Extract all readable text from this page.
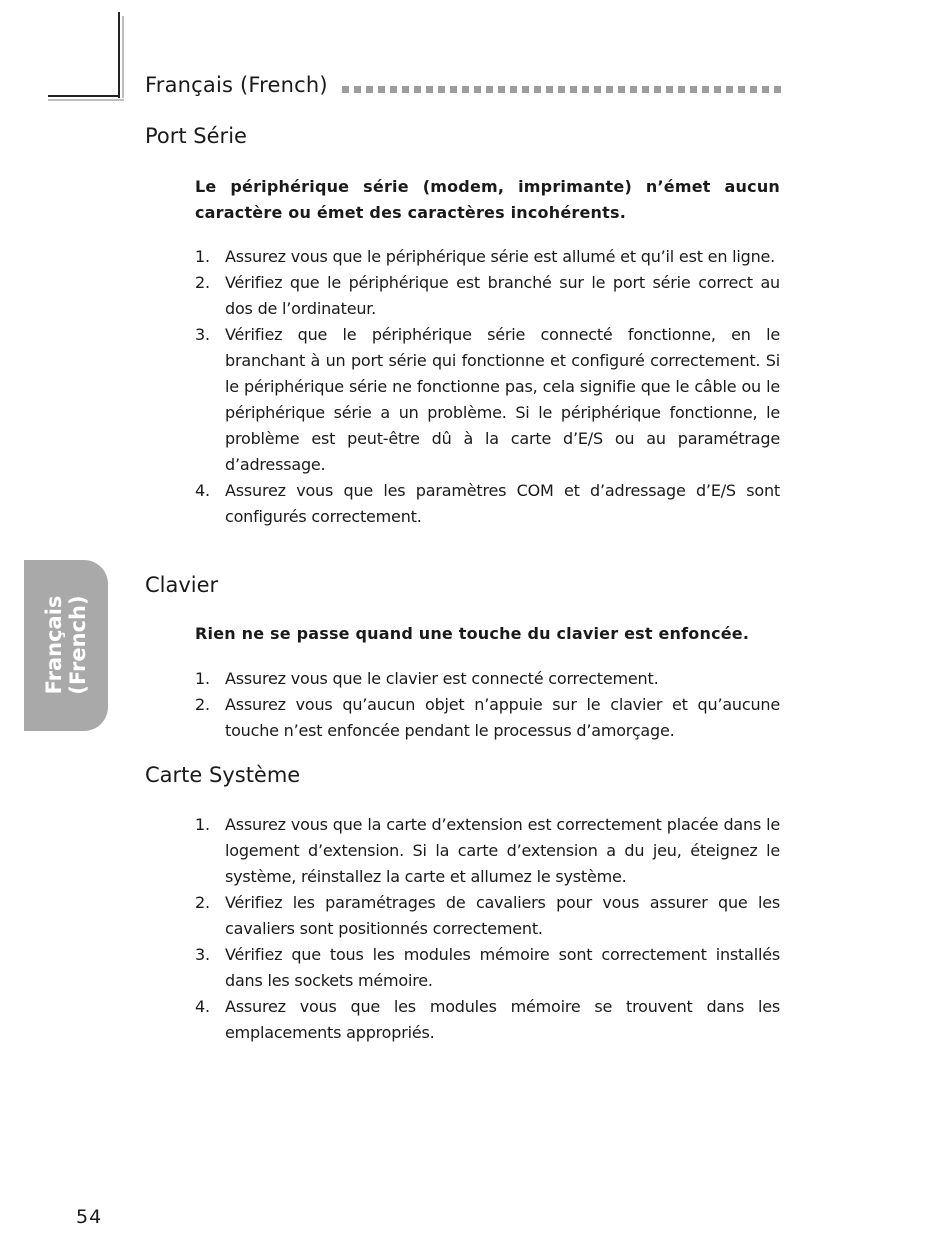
Français (French)
Port Série
Le périphérique série (modem, imprimante) n’émet aucun caractère ou émet des caractères incohérents.
1. Assurez vous que le périphérique série est allumé et qu’il est en ligne.
2. Vérifiez que le périphérique est branché sur le port série correct au dos de l’ordinateur.
3. Vérifiez que le périphérique série connecté fonctionne, en le branchant à un port série qui fonctionne et configuré correctement. Si le périphérique série ne fonctionne pas, cela signifie que le câble ou le périphérique série a un problème. Si le périphérique fonctionne, le problème est peut-être dû à la carte d’E/S ou au paramétrage d’adressage.
4. Assurez vous que les paramètres COM et d’adressage d’E/S sont configurés correctement.
Clavier
Rien ne se passe quand une touche du clavier est enfoncée.
1. Assurez vous que le clavier est connecté correctement.
2. Assurez vous qu’aucun objet n’appuie sur le clavier et qu’aucune touche n’est enfoncée pendant le processus d’amorçage.
Carte Système
1. Assurez vous que la carte d’extension est correctement placée dans le logement d’extension. Si la carte d’extension a du jeu, éteignez le système, réinstallez la carte et allumez le système.
2. Vérifiez les paramétrages de cavaliers pour vous assurer que les cavaliers sont positionnés correctement.
3. Vérifiez que tous les modules mémoire sont correctement installés dans les sockets mémoire.
4. Assurez vous que les modules mémoire se trouvent dans les emplacements appropriés.
Français (French)
54
